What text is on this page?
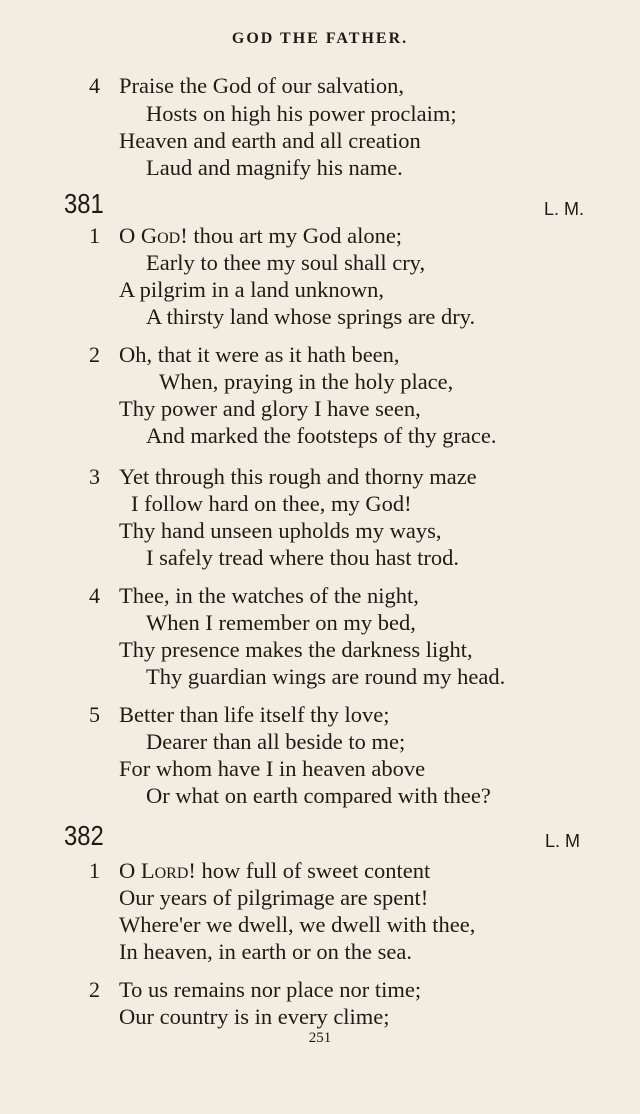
GOD THE FATHER.
4 Praise the God of our salvation,
Hosts on high his power proclaim;
Heaven and earth and all creation
Laud and magnify his name.
381	L. M.
1 O God! thou art my God alone;
Early to thee my soul shall cry,
A pilgrim in a land unknown,
A thirsty land whose springs are dry.
2 Oh, that it were as it hath been,
When, praying in the holy place,
Thy power and glory I have seen,
And marked the footsteps of thy grace.
3 Yet through this rough and thorny maze
I follow hard on thee, my God!
Thy hand unseen upholds my ways,
I safely tread where thou hast trod.
4 Thee, in the watches of the night,
When I remember on my bed,
Thy presence makes the darkness light,
Thy guardian wings are round my head.
5 Better than life itself thy love;
Dearer than all beside to me;
For whom have I in heaven above
Or what on earth compared with thee?
382	L. M
1 O Lord! how full of sweet content
Our years of pilgrimage are spent!
Where'er we dwell, we dwell with thee,
In heaven, in earth or on the sea.
2 To us remains nor place nor time;
Our country is in every clime;
251
